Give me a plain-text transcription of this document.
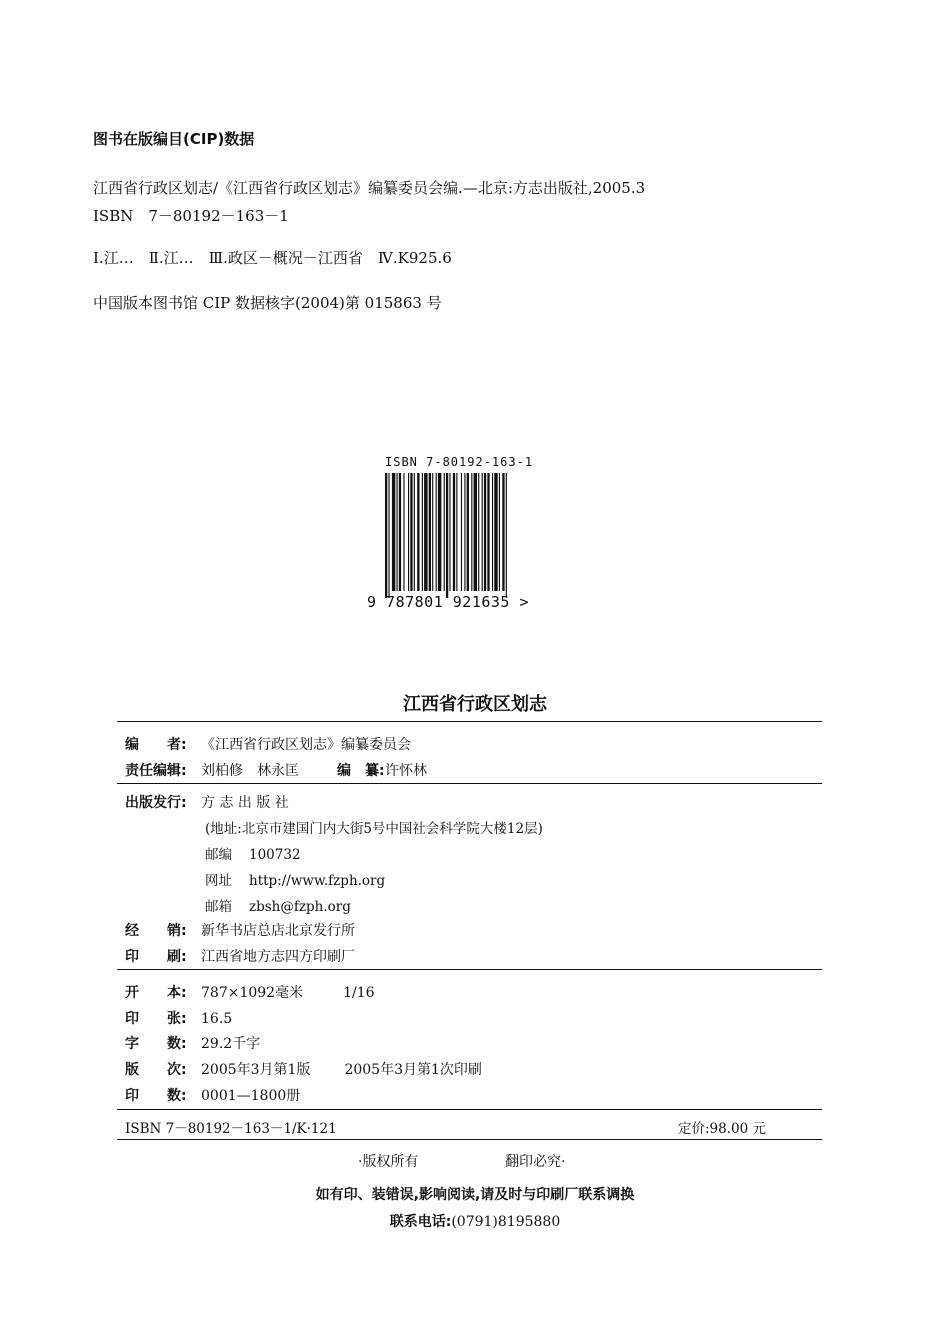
图书在版编目(CIP)数据
江西省行政区划志/《江西省行政区划志》编纂委员会编.—北京:方志出版社,2005.3
ISBN　7－80192－163－1
Ⅰ.江…　Ⅱ.江…　Ⅲ.政区－概况－江西省　Ⅳ.K925.6
中国版本图书馆 CIP 数据核字(2004)第 015863 号
ISBN 7-80192-163-1
9 787801 921635 >
江西省行政区划志
编　　者:	《江西省行政区划志》编纂委员会
责任编辑:	刘柏修　林永匡	编　纂: 许怀林
出版发行:	方 志 出 版 社
(地址:北京市建国门内大街5号中国社会科学院大楼12层)
邮编 100732
网址 http://www.fzph.org
邮箱 zbsh@fzph.org
经　　销:	新华书店总店北京发行所
印　　刷:	江西省地方志四方印刷厂
开　　本:	787×1092毫米	1/16
印　　张:	16.5
字　　数:	29.2千字
版　　次:	2005年3月第1版 2005年3月第1次印刷
印　　数:	0001—1800册
ISBN 7－80192－163－1/K·121	定价:98.00 元
·版权所有	翻印必究·
如有印、装错误,影响阅读,请及时与印刷厂联系调换
联系电话:(0791)8195880
